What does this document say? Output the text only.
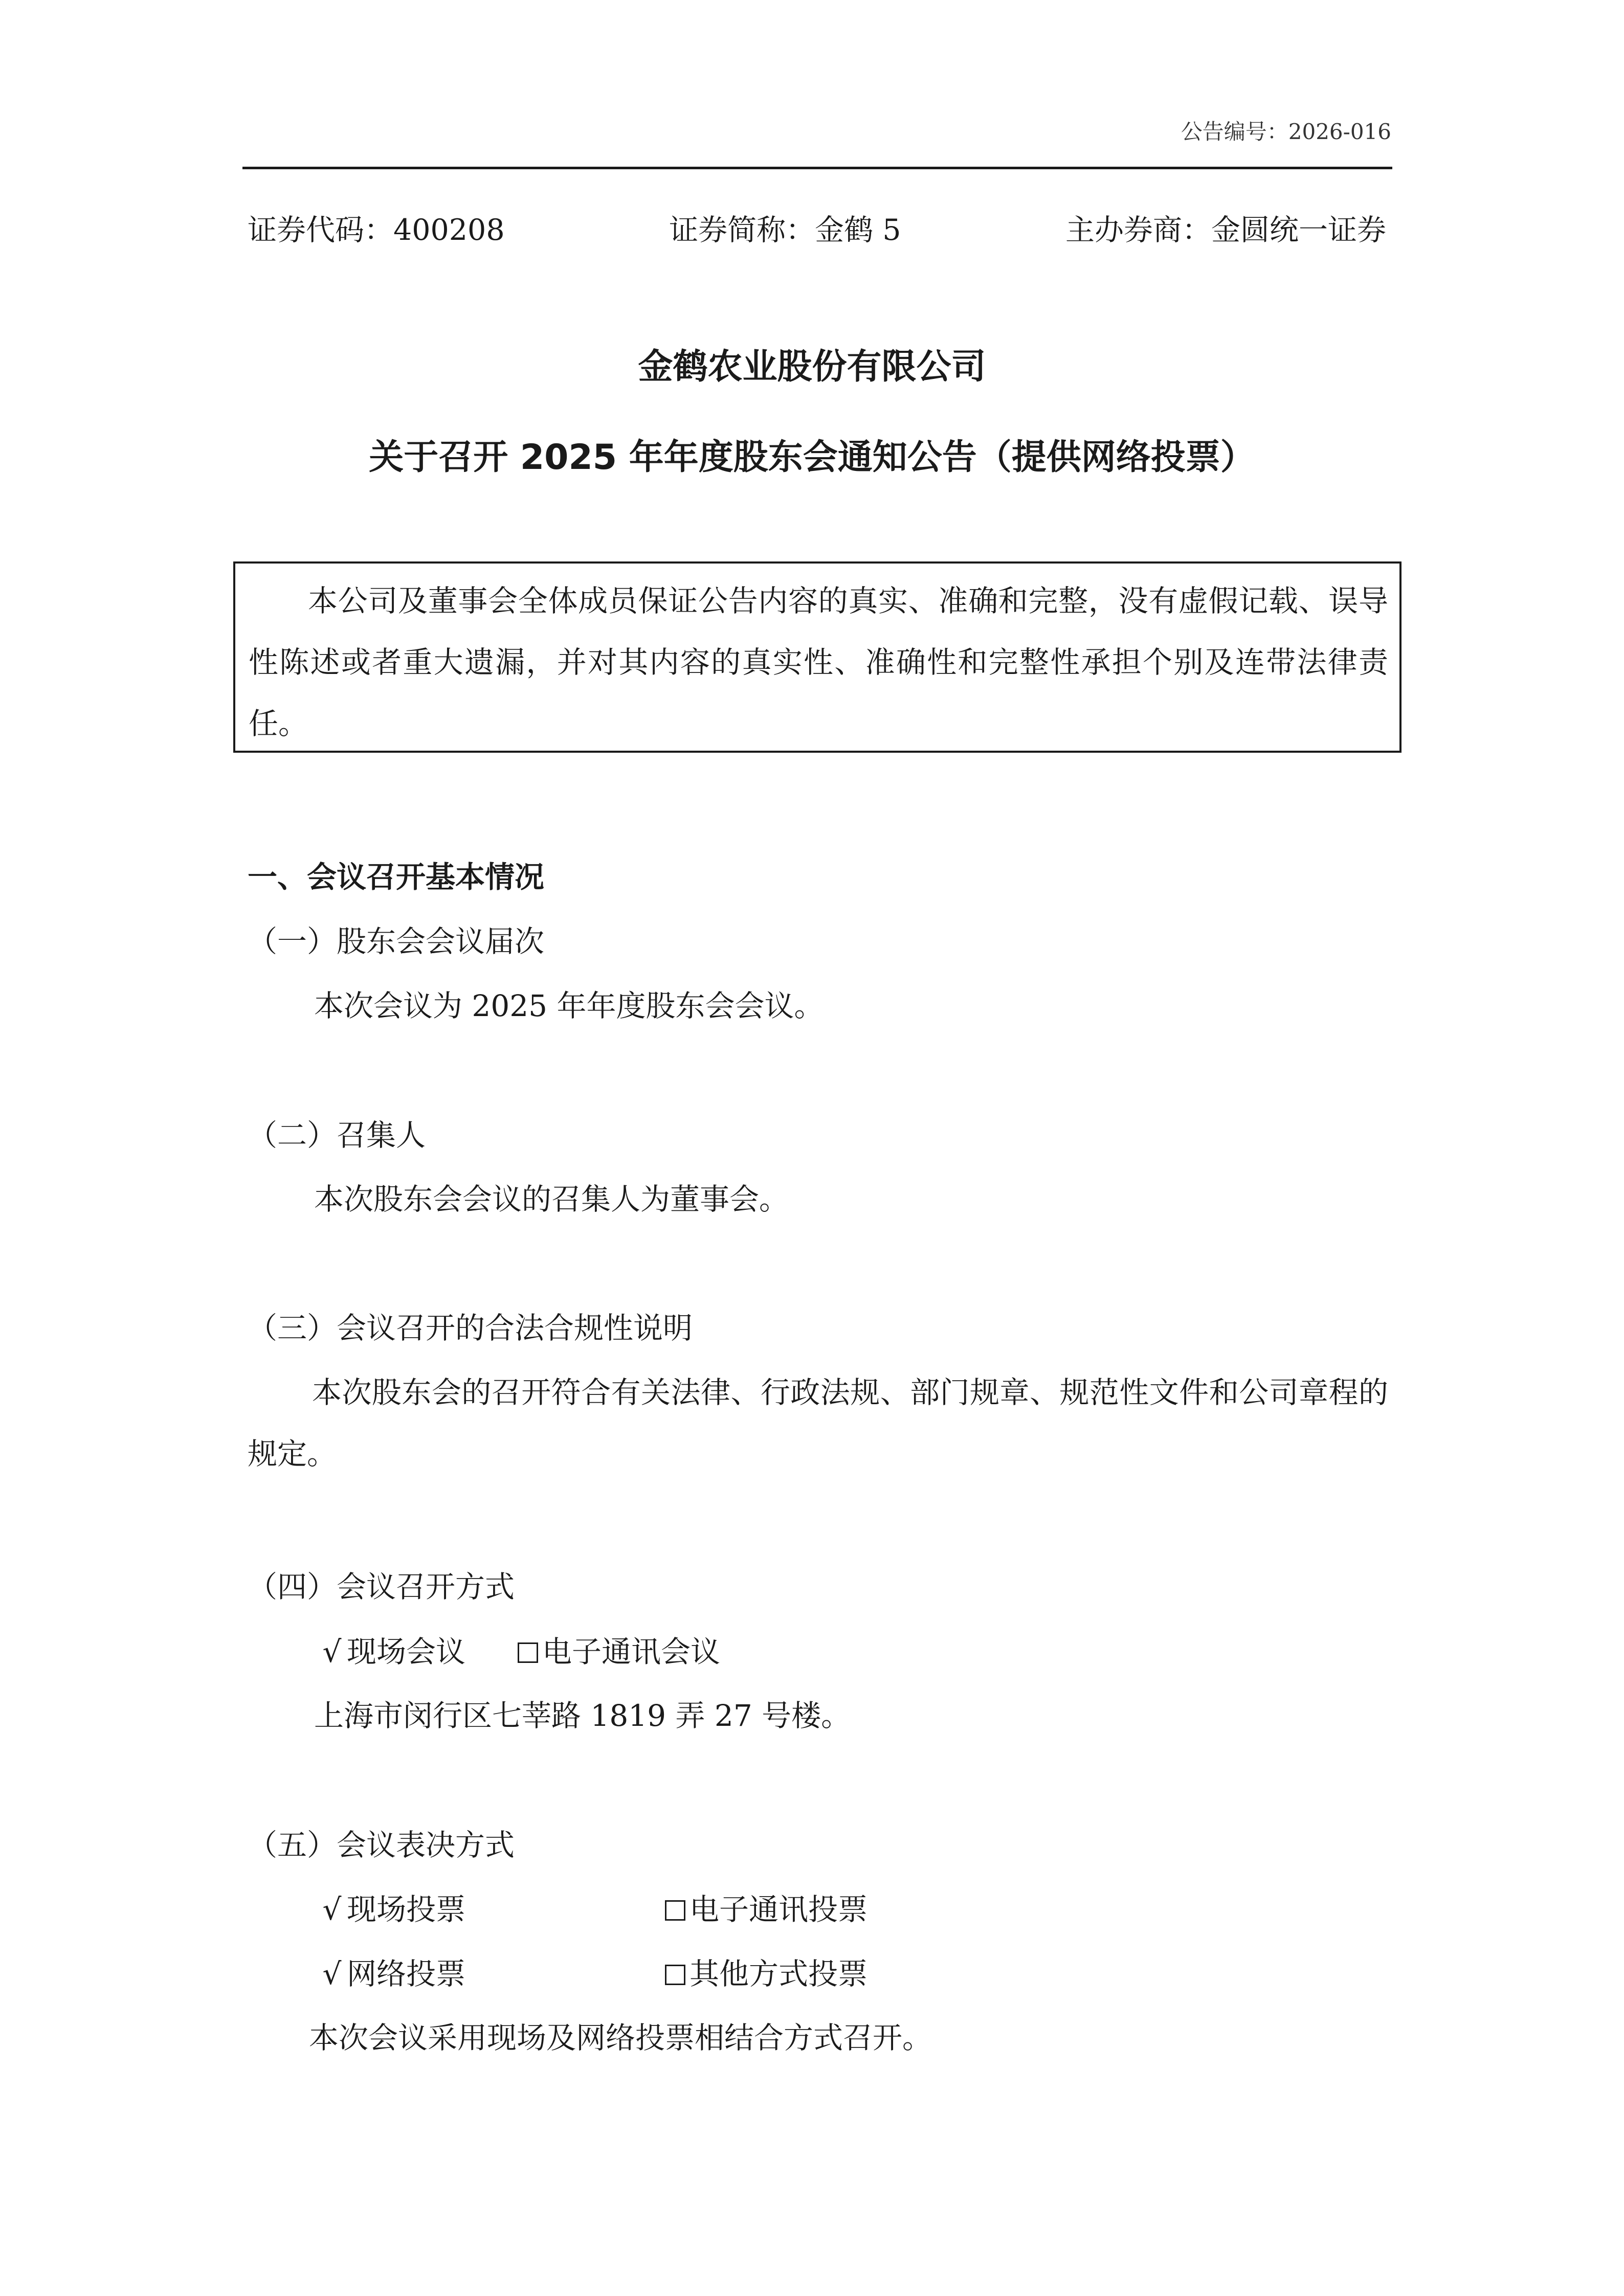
公告编号：2026-016
证券代码：400208	证券简称：金鹤 5	主办券商：金圆统一证券
金鹤农业股份有限公司
关于召开 2025 年年度股东会通知公告（提供网络投票）
本公司及董事会全体成员保证公告内容的真实、准确和完整，没有虚假记载、误导性陈述或者重大遗漏，并对其内容的真实性、准确性和完整性承担个别及连带法律责任。
一、会议召开基本情况
（一）股东会会议届次
本次会议为 2025 年年度股东会会议。
（二）召集人
本次股东会会议的召集人为董事会。
（三）会议召开的合法合规性说明
本次股东会的召开符合有关法律、行政法规、部门规章、规范性文件和公司章程的规定。
（四）会议召开方式
√ 现场会议	电子通讯会议
上海市闵行区七莘路 1819 弄 27 号楼。
（五）会议表决方式
√ 现场投票	电子通讯投票
√ 网络投票	其他方式投票
本次会议采用现场及网络投票相结合方式召开。
